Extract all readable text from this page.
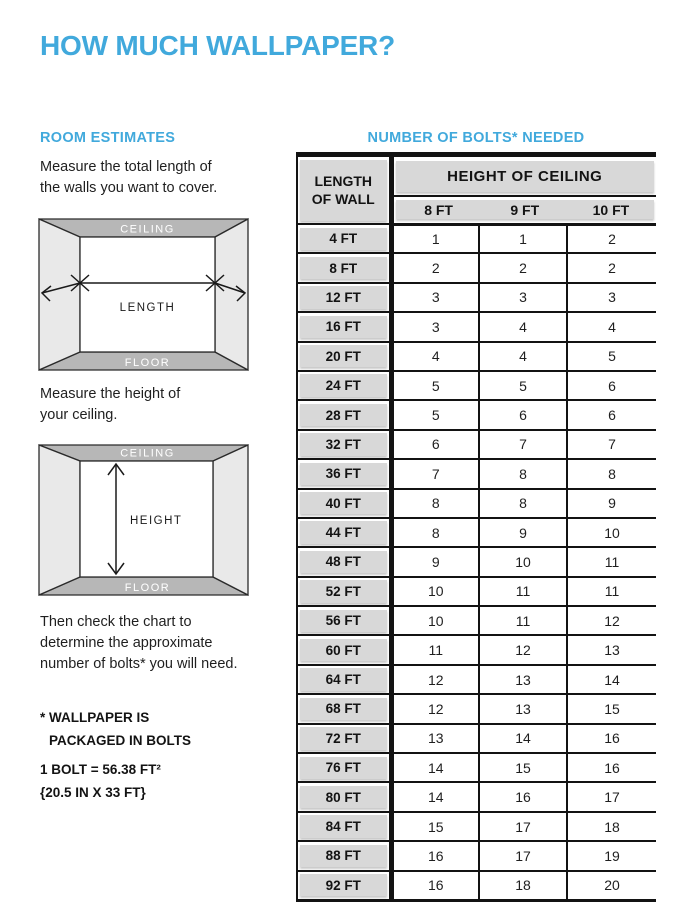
HOW MUCH WALLPAPER?
ROOM ESTIMATES	NUMBER OF BOLTS* NEEDED
Measure the total length of
the walls you want to cover.
CEILING
FLOOR
LENGTH
Measure the height of
your ceiling.
CEILING
FLOOR
HEIGHT
Then check the chart to
determine the approximate
number of bolts* you will need.
* WALLPAPER IS
PACKAGED IN BOLTS
1 BOLT = 56.38 FT²
{20.5 IN X 33 FT}
LENGTH
OF WALL	HEIGHT OF CEILING		

	8 FT 9 FT 10 FT		

4 FT	1	1	2

8 FT	2	2	2

12 FT	3	3	3

16 FT	3	4	4

20 FT	4	4	5

24 FT	5	5	6

28 FT	5	6	6

32 FT	6	7	7

36 FT	7	8	8

40 FT	8	8	9

44 FT	8	9	10

48 FT	9	10	11

52 FT	10	11	11

56 FT	10	11	12

60 FT	11	12	13

64 FT	12	13	14

68 FT	12	13	15

72 FT	13	14	16

76 FT	14	15	16

80 FT	14	16	17

84 FT	15	17	18

88 FT	16	17	19

92 FT	16	18	20
